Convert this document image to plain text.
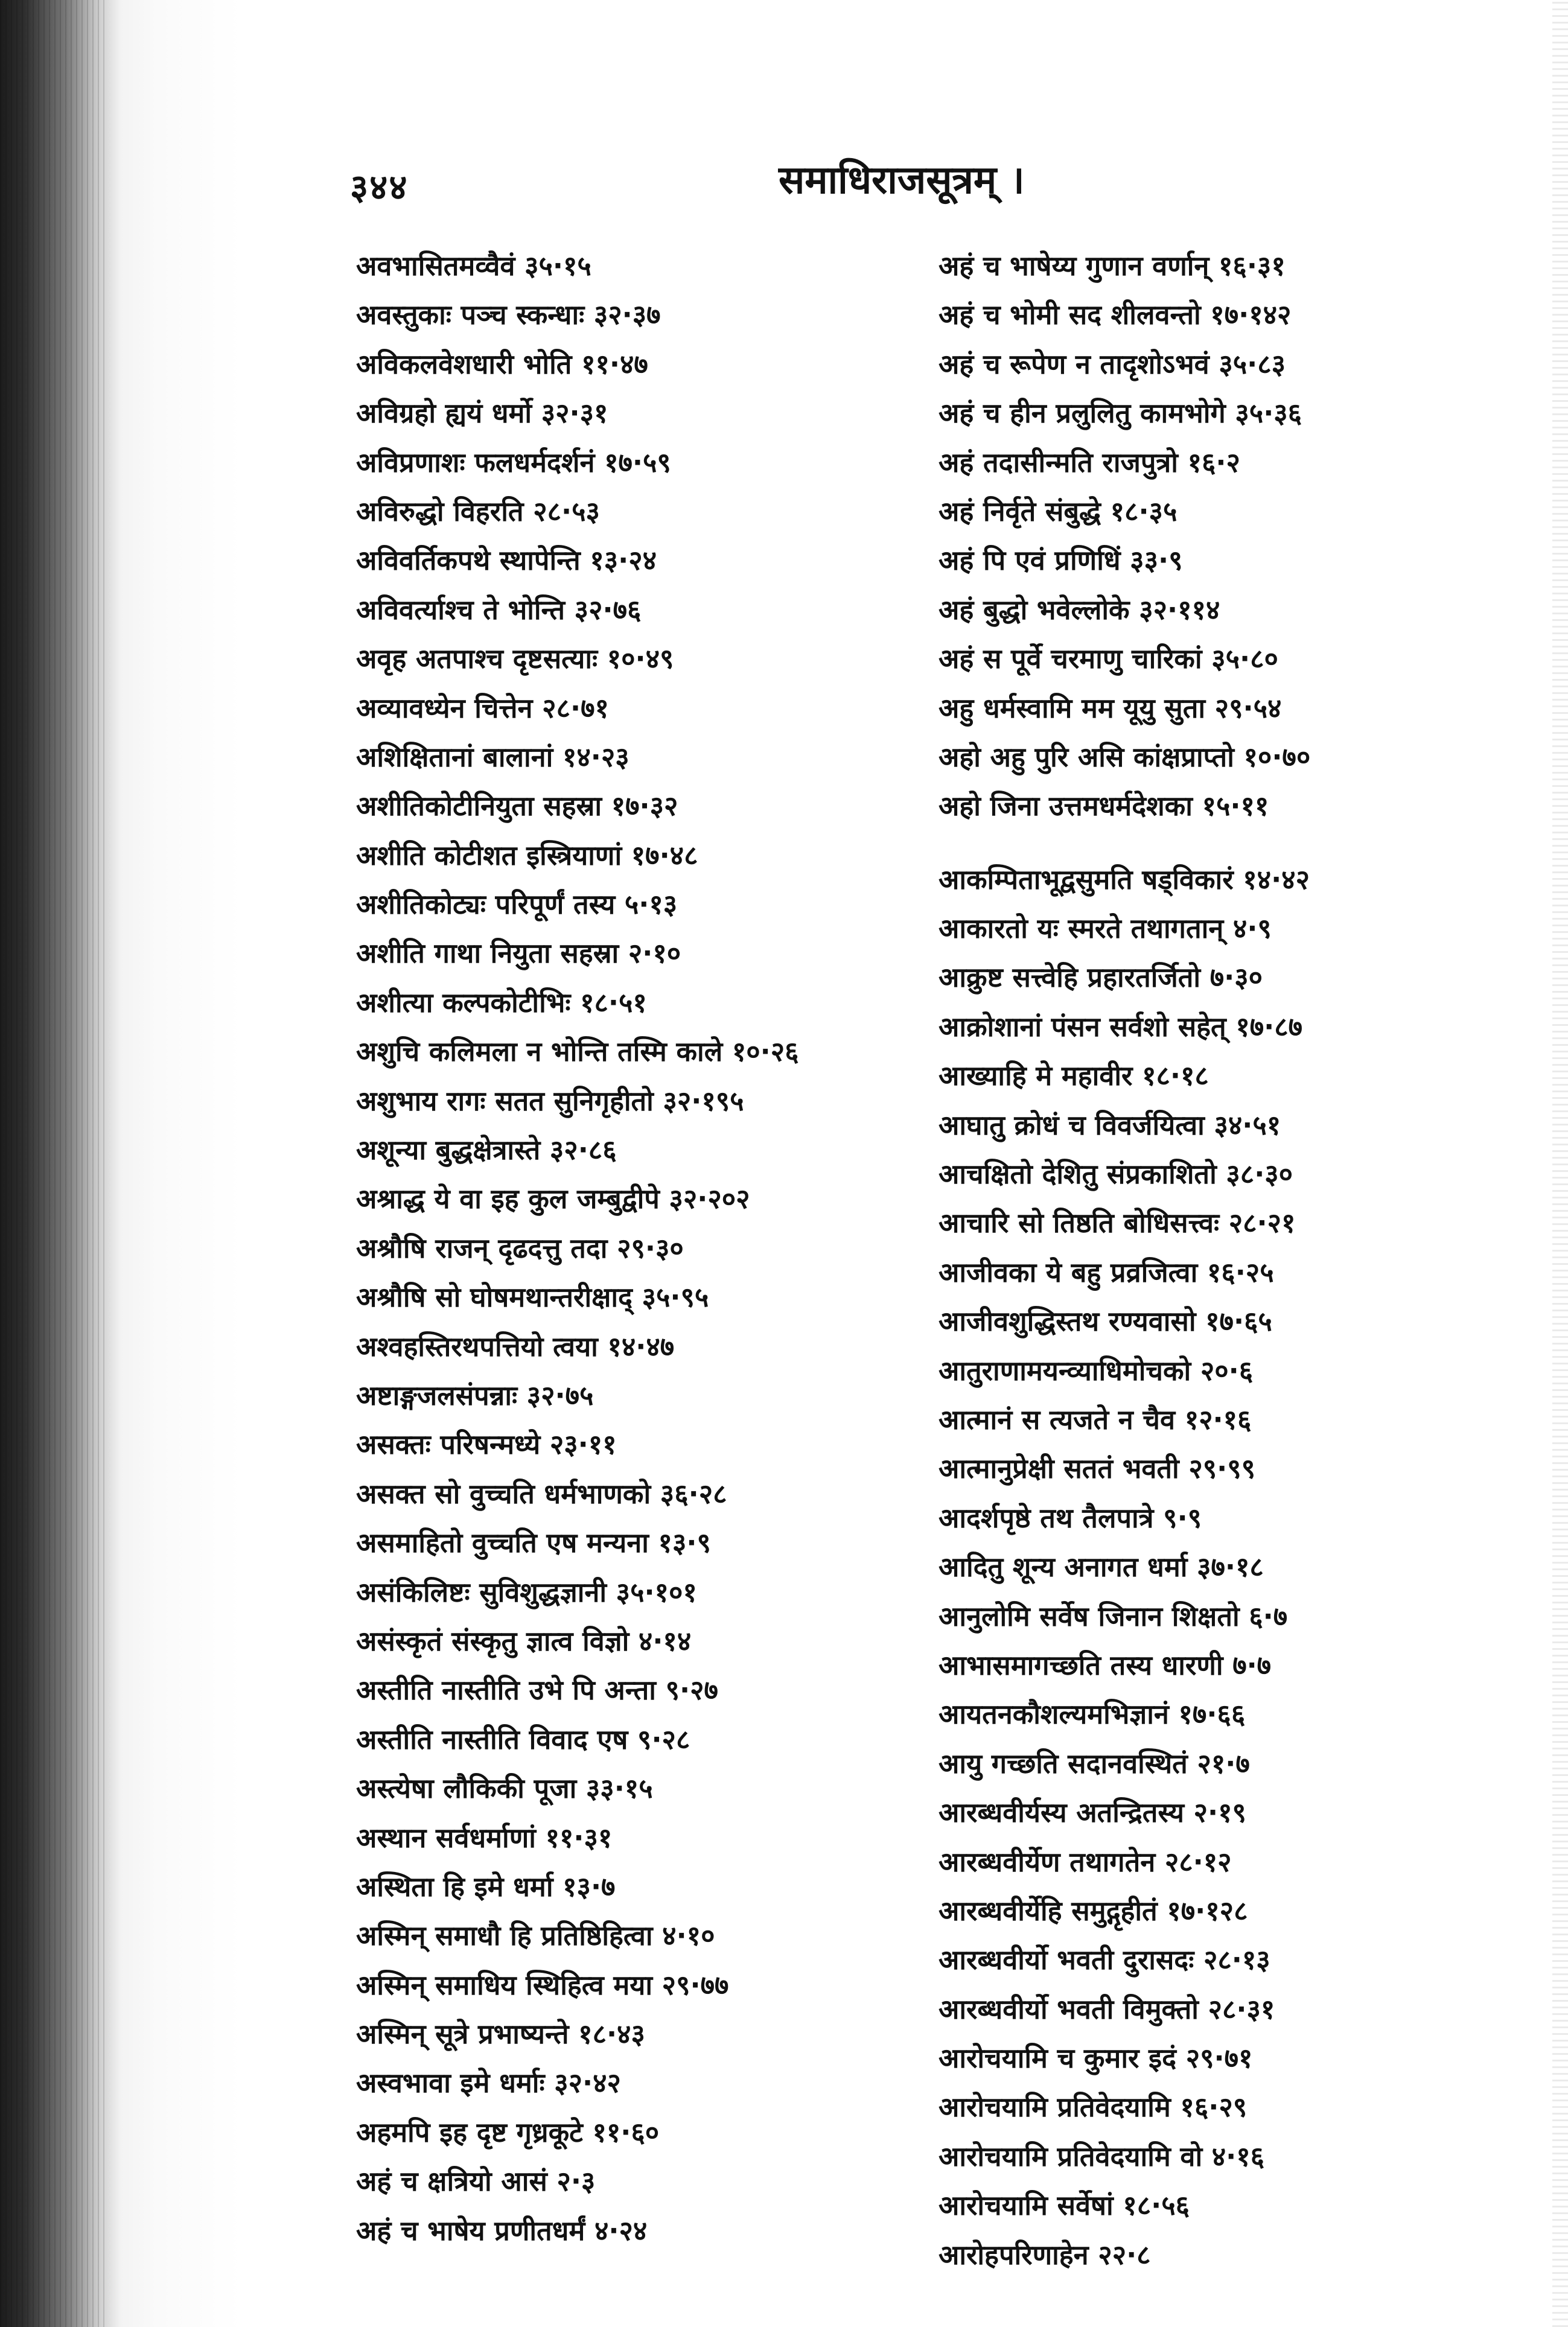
३४४	समाधिराजसूत्रम् ।
अवभासितमव्वैवं ३५·१५
अवस्तुकाः पञ्च स्कन्धाः ३२·३७
अविकलवेशधारी भोति ११·४७
अविग्रहो ह्ययं धर्मो ३२·३१
अविप्रणाशः फलधर्मदर्शनं १७·५९
अविरुद्धो विहरति २८·५३
अविवर्तिकपथे स्थापेन्ति १३·२४
अविवर्त्याश्च ते भोन्ति ३२·७६
अवृह अतपाश्च दृष्टसत्याः १०·४९
अव्यावध्येन चित्तेन २८·७१
अशिक्षितानां बालानां १४·२३
अशीतिकोटीनियुता सहस्रा १७·३२
अशीति कोटीशत इस्त्रियाणां १७·४८
अशीतिकोट्यः परिपूर्णं तस्य ५·१३
अशीति गाथा नियुता सहस्रा २·१०
अशीत्या कल्पकोटीभिः १८·५१
अशुचि कलिमला न भोन्ति तस्मि काले १०·२६
अशुभाय रागः सतत सुनिगृहीतो ३२·१९५
अशून्या बुद्धक्षेत्रास्ते ३२·८६
अश्राद्ध ये वा इह कुल जम्बुद्वीपे ३२·२०२
अश्रौषि राजन् दृढदत्तु तदा २९·३०
अश्रौषि सो घोषमथान्तरीक्षाद् ३५·९५
अश्वहस्तिरथपत्तियो त्वया १४·४७
अष्टाङ्गजलसंपन्नाः ३२·७५
असक्तः परिषन्मध्ये २३·११
असक्त सो वुच्चति धर्मभाणको ३६·२८
असमाहितो वुच्चति एष मन्यना १३·९
असंकिलिष्टः सुविशुद्धज्ञानी ३५·१०१
असंस्कृतं संस्कृतु ज्ञात्व विज्ञो ४·१४
अस्तीति नास्तीति उभे पि अन्ता ९·२७
अस्तीति नास्तीति विवाद एष ९·२८
अस्त्येषा लौकिकी पूजा ३३·१५
अस्थान सर्वधर्माणां ११·३१
अस्थिता हि इमे धर्मा १३·७
अस्मिन् समाधौ हि प्रतिष्ठिहित्वा ४·१०
अस्मिन् समाधिय स्थिहित्व मया २९·७७
अस्मिन् सूत्रे प्रभाष्यन्ते १८·४३
अस्वभावा इमे धर्माः ३२·४२
अहमपि इह दृष्ट गृध्रकूटे ११·६०
अहं च क्षत्रियो आसं २·३
अहं च भाषेय प्रणीतधर्मं ४·२४
अहं च भाषेय्य गुणान वर्णान् १६·३१
अहं च भोमी सद शीलवन्तो १७·१४२
अहं च रूपेण न तादृशोऽभवं ३५·८३
अहं च हीन प्रलुलितु कामभोगे ३५·३६
अहं तदासीन्मति राजपुत्रो १६·२
अहं निर्वृते संबुद्धे १८·३५
अहं पि एवं प्रणिधिं ३३·९
अहं बुद्धो भवेल्लोके ३२·११४
अहं स पूर्वे चरमाणु चारिकां ३५·८०
अहु धर्मस्वामि मम यूयु सुता २९·५४
अहो अहु पुरि असि कांक्षप्राप्तो १०·७०
अहो जिना उत्तमधर्मदेशका १५·११
आकम्पिताभूद्वसुमति षड्विकारं १४·४२
आकारतो यः स्मरते तथागतान् ४·९
आक्रुष्ट सत्त्वेहि प्रहारतर्जितो ७·३०
आक्रोशानां पंसन सर्वशो सहेत् १७·८७
आख्याहि मे महावीर १८·१८
आघातु क्रोधं च विवर्जयित्वा ३४·५१
आचक्षितो देशितु संप्रकाशितो ३८·३०
आचारि सो तिष्ठति बोधिसत्त्वः २८·२१
आजीवका ये बहु प्रव्रजित्वा १६·२५
आजीवशुद्धिस्तथ रण्यवासो १७·६५
आतुराणामयन्व्याधिमोचको २०·६
आत्मानं स त्यजते न चैव १२·१६
आत्मानुप्रेक्षी सततं भवती २९·९९
आदर्शपृष्ठे तथ तैलपात्रे ९·९
आदितु शून्य अनागत धर्मा ३७·१८
आनुलोमि सर्वेष जिनान शिक्षतो ६·७
आभासमागच्छति तस्य धारणी ७·७
आयतनकौशल्यमभिज्ञानं १७·६६
आयु गच्छति सदानवस्थितं २१·७
आरब्धवीर्यस्य अतन्द्रितस्य २·१९
आरब्धवीर्येण तथागतेन २८·१२
आरब्धवीर्येहि समुद्गृहीतं १७·१२८
आरब्धवीर्यो भवती दुरासदः २८·१३
आरब्धवीर्यो भवती विमुक्तो २८·३१
आरोचयामि च कुमार इदं २९·७१
आरोचयामि प्रतिवेदयामि १६·२९
आरोचयामि प्रतिवेदयामि वो ४·१६
आरोचयामि सर्वेषां १८·५६
आरोहपरिणाहेन २२·८
